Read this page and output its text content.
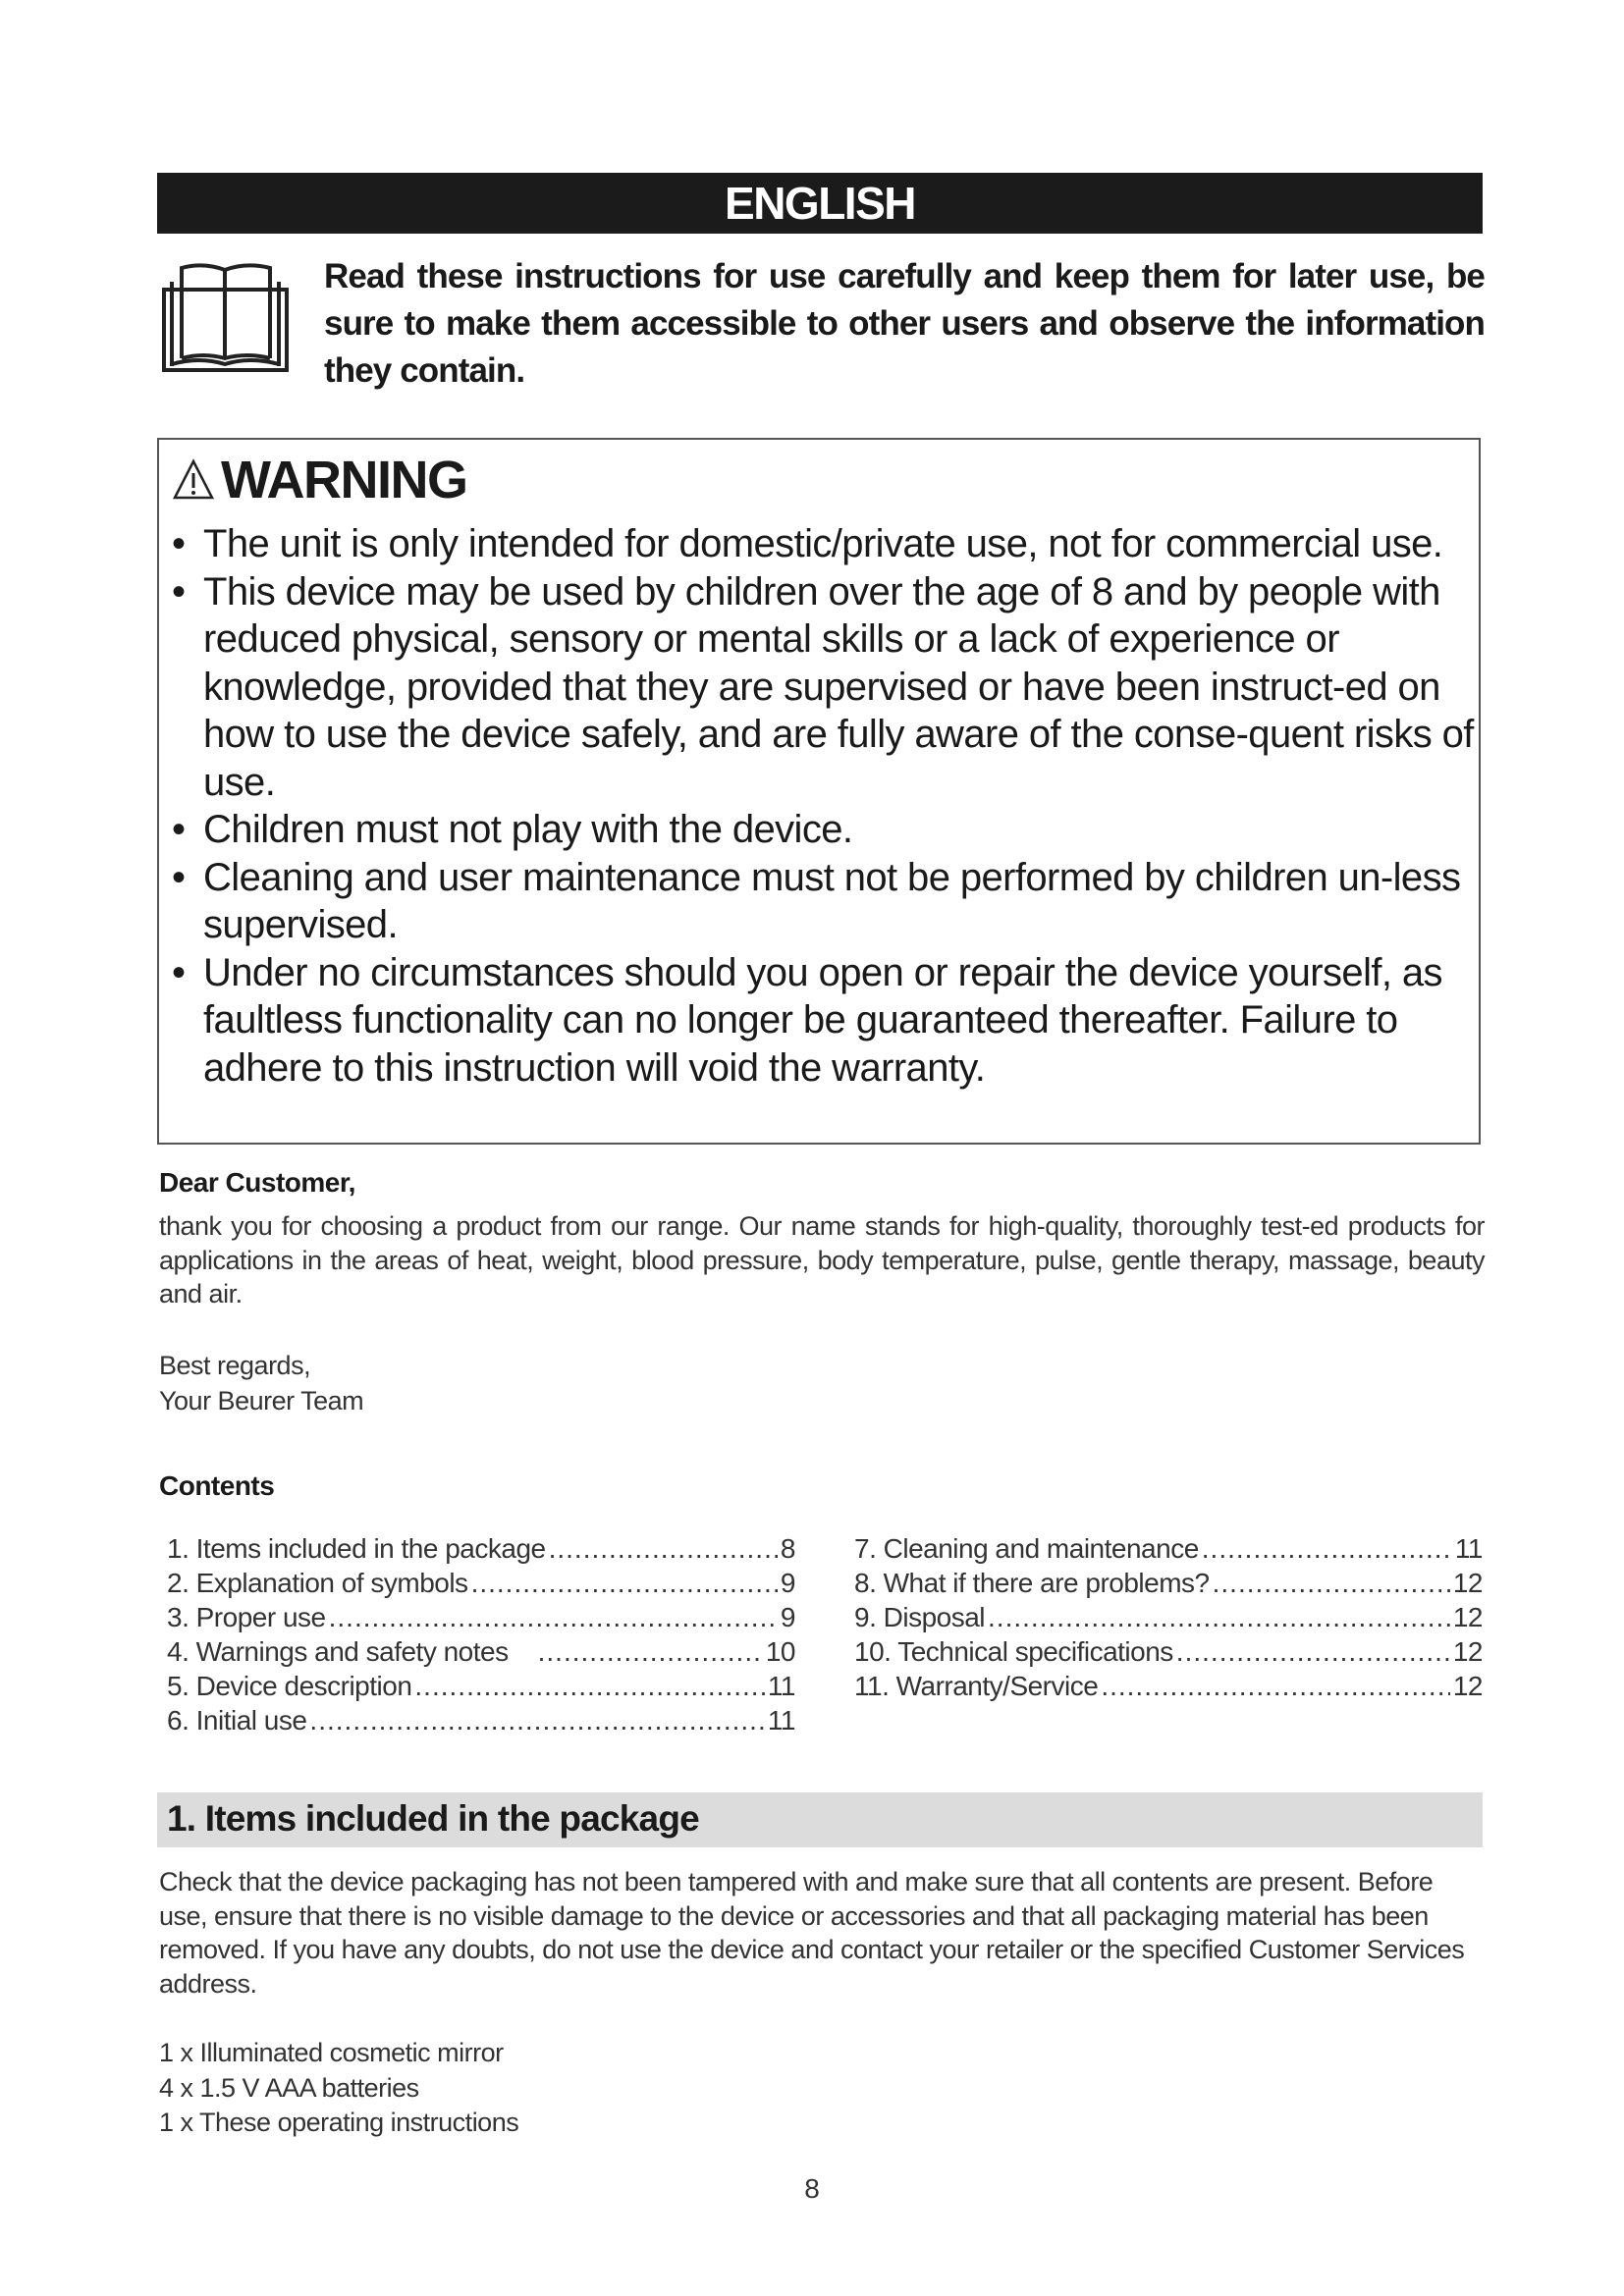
ENGLISH
Read these instructions for use carefully and keep them for later use, be sure to make them accessible to other users and observe the information they contain.
WARNING
• The unit is only intended for domestic/private use, not for commercial use.
• This device may be used by children over the age of 8 and by people with reduced physical, sensory or mental skills or a lack of experience or knowledge, provided that they are supervised or have been instruct-ed on how to use the device safely, and are fully aware of the conse-quent risks of use.
• Children must not play with the device.
• Cleaning and user maintenance must not be performed by children un-less supervised.
• Under no circumstances should you open or repair the device yourself, as faultless functionality can no longer be guaranteed thereafter. Failure to adhere to this instruction will void the warranty.
Dear Customer,
thank you for choosing a product from our range. Our name stands for high-quality, thoroughly test-ed products for applications in the areas of heat, weight, blood pressure, body temperature, pulse, gentle therapy, massage, beauty and air.
Best regards,
Your Beurer Team
Contents
1. Items included in the package .....	8
2. Explanation of symbols .....	9
3. Proper use .....	9
4. Warnings and safety notes .....	10
5. Device description .....	11
6. Initial use .....	11
7. Cleaning and maintenance .....	11
8. What if there are problems? .....	12
9. Disposal .....	12
10. Technical specifications .....	12
11. Warranty/Service .....	12
1. Items included in the package
Check that the device packaging has not been tampered with and make sure that all contents are present. Before use, ensure that there is no visible damage to the device or accessories and that all packaging material has been removed. If you have any doubts, do not use the device and contact your retailer or the specified Customer Services address.
1 x Illuminated cosmetic mirror
4 x 1.5 V AAA batteries
1 x These operating instructions
8
